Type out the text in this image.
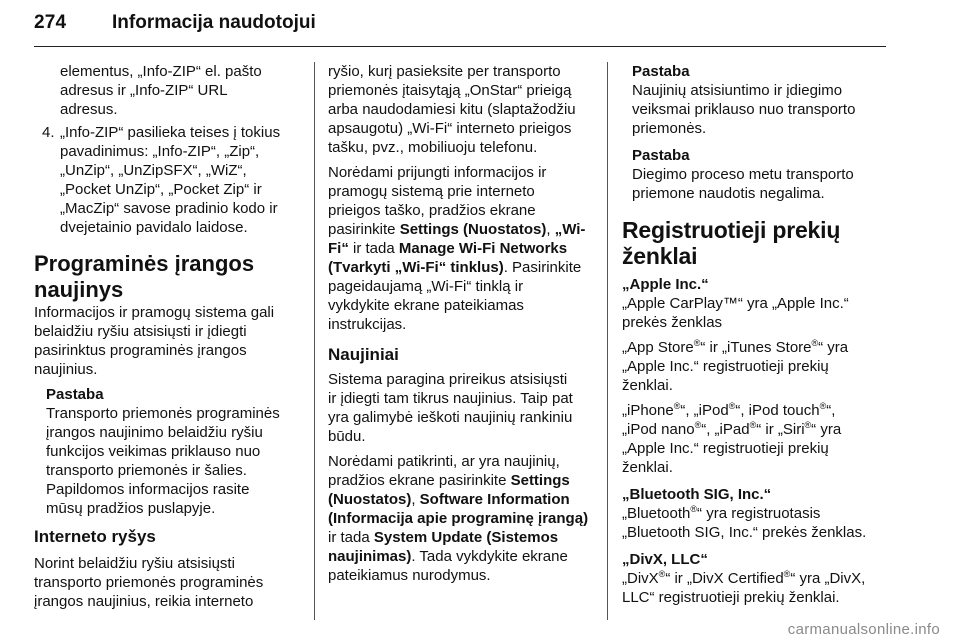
274 Informacija naudotojui

elementus, „Info-ZIP“ el. pašto

adresus ir „Info-ZIP“ URL

adresus.

4. „Info-ZIP“ pasilieka teises į tokius

pavadinimus: „Info-ZIP“, „Zip“,

„UnZip“, „UnZipSFX“, „WiZ“,

„Pocket UnZip“, „Pocket Zip“ ir

„MacZip“ savose pradinio kodo ir

dvejetainio pavidalo laidose.

Programinės įrangos

naujinys

Informacijos ir pramogų sistema gali

belaidžiu ryšiu atsisiųsti ir įdiegti

pasirinktus programinės įrangos

naujinius.

Pastaba

Transporto priemonės programinės

įrangos naujinimo belaidžiu ryšiu

funkcijos veikimas priklauso nuo

transporto priemonės ir šalies.

Papildomos informacijos rasite

mūsų pradžios puslapyje.

Interneto ryšys

Norint belaidžiu ryšiu atsisiųsti

transporto priemonės programinės

įrangos naujinius, reikia interneto

ryšio, kurį pasieksite per transporto

priemonės įtaisytąją „OnStar“ prieigą

arba naudodamiesi kitu (slaptažodžiu

apsaugotu) „Wi-Fi“ interneto prieigos

tašku, pvz., mobiliuoju telefonu.

Norėdami prijungti informacijos ir

pramogų sistemą prie interneto

prieigos taško, pradžios ekrane

pasirinkite Settings (Nuostatos), „Wi-

Fi“ ir tada Manage Wi-Fi Networks

(Tvarkyti „Wi-Fi“ tinklus). Pasirinkite

pageidaujamą „Wi-Fi“ tinklą ir

vykdykite ekrane pateikiamas

instrukcijas.

Naujiniai

Sistema paragina prireikus atsisiųsti

ir įdiegti tam tikrus naujinius. Taip pat

yra galimybė ieškoti naujinių rankiniu

būdu.

Norėdami patikrinti, ar yra naujinių,

pradžios ekrane pasirinkite Settings

(Nuostatos), Software Information

(Informacija apie programinę įrangą)

ir tada System Update (Sistemos

naujinimas). Tada vykdykite ekrane

pateikiamus nurodymus.

Pastaba

Naujinių atsisiuntimo ir įdiegimo

veiksmai priklauso nuo transporto

priemonės.

Pastaba

Diegimo proceso metu transporto

priemone naudotis negalima.

Registruotieji prekių ženklai

„Apple Inc.“

„Apple CarPlay™“ yra „Apple Inc.“

prekės ženklas

„App Store®“ ir „iTunes Store®“ yra

„Apple Inc.“ registruotieji prekių

ženklai.

„iPhone®“, „iPod®“, iPod touch®“,

„iPod nano®“, „iPad®“ ir „Siri®“ yra

„Apple Inc.“ registruotieji prekių

ženklai.

„Bluetooth SIG, Inc.“

„Bluetooth®“ yra registruotasis

„Bluetooth SIG, Inc.“ prekės ženklas.

„DivX, LLC“

„DivX®“ ir „DivX Certified®“ yra „DivX,

LLC“ registruotieji prekių ženklai.

carmanualsonline.info
